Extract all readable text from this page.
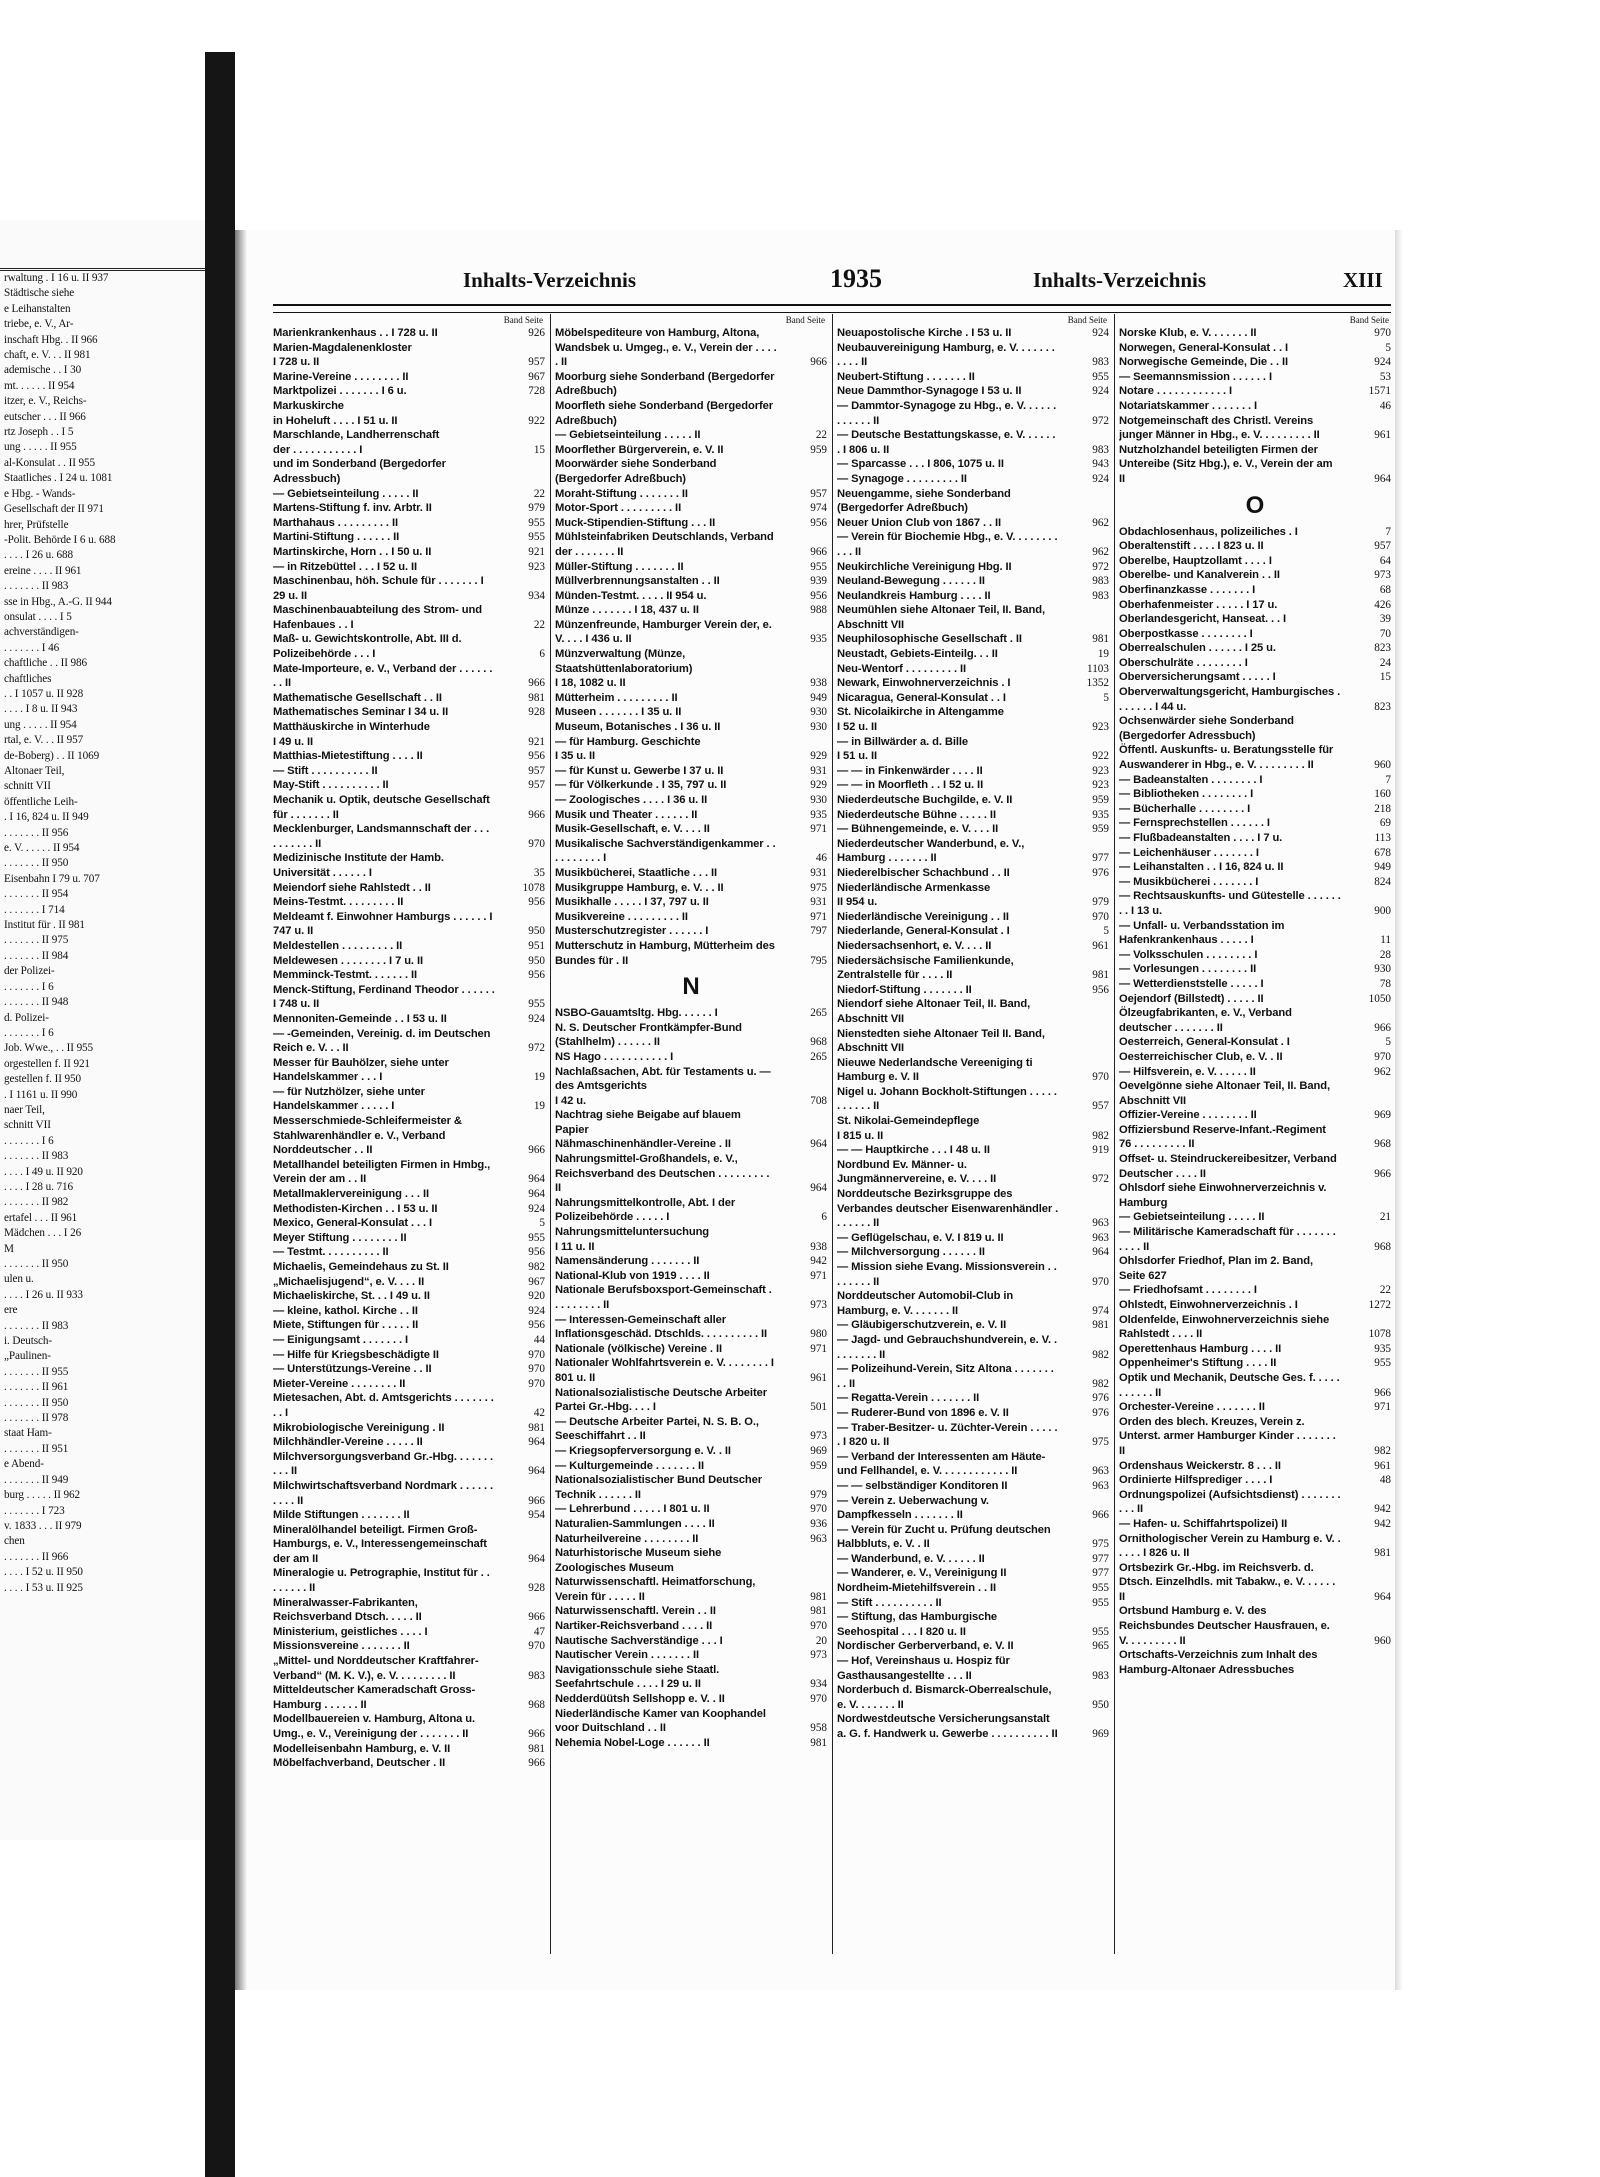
rwaltung . I 16 u. II 937
Städtische siehe
e Leihanstalten
triebe, e. V., Ar-
inschaft Hbg. . II 966
chaft, e. V. . . II 981
ademische . . I 30
mt. . . . . . II 954
itzer, e. V., Reichs-
eutscher . . . II 966
rtz Joseph . . I 5
ung . . . . . II 955
al-Konsulat . . II 955
Staatliches . I 24 u. 1081
e Hbg. - Wands-
Gesellschaft der II 971
hrer, Prüfstelle
-Polit. Behörde I 6 u. 688
. . . . I 26 u. 688
ereine . . . . II 961
. . . . . . . II 983
sse in Hbg., A.-G. II 944
onsulat . . . . I 5
achverständigen-
. . . . . . . I 46
chaftliche . . II 986
chaftliches
. . I 1057 u. II 928
. . . . I 8 u. II 943
ung . . . . . II 954
rtal, e. V. . . II 957
de-Boberg) . . II 1069
Altonaer Teil,
schnitt VII
öffentliche Leih-
. I 16, 824 u. II 949
. . . . . . . II 956
e. V. . . . . . II 954
. . . . . . . II 950
Eisenbahn I 79 u. 707
. . . . . . . II 954
. . . . . . . I 714
Institut für . II 981
. . . . . . . II 975
. . . . . . . II 984
der Polizei-
. . . . . . . I 6
. . . . . . . II 948
d. Polizei-
. . . . . . . I 6
Job. Wwe., . . II 955
orgestellen f. II 921
gestellen f. II 950
. I 1161 u. II 990
naer Teil,
schnitt VII
. . . . . . . I 6
. . . . . . . II 983
. . . . I 49 u. II 920
. . . . I 28 u. 716
. . . . . . . II 982
ertafel . . . II 961
Mädchen . . . I 26
M
. . . . . . . II 950
ulen u.
. . . . I 26 u. II 933
ere
. . . . . . . II 983
i. Deutsch-
„Paulinen-
. . . . . . . II 955
. . . . . . . II 961
. . . . . . . II 950
. . . . . . . II 978
staat Ham-
. . . . . . . II 951
e Abend-
. . . . . . . II 949
burg . . . . . II 962
. . . . . . . I 723
v. 1833 . . . II 979
chen
. . . . . . . II 966
. . . . I 52 u. II 950
. . . . I 53 u. II 925
Inhalts-Verzeichnis	1935	Inhalts-Verzeichnis	XIII
Band Seite
Marienkrankenhaus . . I 728 u. II	926
Marien-Magdalenenkloster
I 728 u. II	957
Marine-Vereine . . . . . . . . II	967
Marktpolizei . . . . . . . I 6 u.	728
Markuskirche
in Hoheluft . . . . I 51 u. II	922
Marschlande, Landherrenschaft
der . . . . . . . . . . . I	15
und im Sonderband (Bergedorfer Adressbuch)
— Gebietseinteilung . . . . . II	22
Martens-Stiftung f. inv. Arbtr. II	979
Marthahaus . . . . . . . . . II	955
Martini-Stiftung . . . . . . II	955
Martinskirche, Horn . . I 50 u. II	921
— in Ritzebüttel . . . I 52 u. II	923
Maschinenbau, höh. Schule für . . . . . . . I 29 u. II	934
Maschinenbauabteilung des Strom- und Hafenbaues . . I	22
Maß- u. Gewichtskontrolle, Abt. III d. Polizeibehörde . . . I	6
Mate-Importeure, e. V., Verband der . . . . . . . . II	966
Mathematische Gesellschaft . . II	981
Mathematisches Seminar I 34 u. II	928
Matthäuskirche in Winterhude
I 49 u. II	921
Matthias-Mietestiftung . . . . II	956
— Stift . . . . . . . . . . II	957
May-Stift . . . . . . . . . . II	957
Mechanik u. Optik, deutsche Gesellschaft für . . . . . . . II	966
Mecklenburger, Landsmannschaft der . . . . . . . . . . II	970
Medizinische Institute der Hamb. Universität . . . . . . I	35
Meiendorf siehe Rahlstedt . . II	1078
Meins-Testmt. . . . . . . . . II	956
Meldeamt f. Einwohner Hamburgs . . . . . . I 747 u. II	950
Meldestellen . . . . . . . . . II	951
Meldewesen . . . . . . . . I 7 u. II	950
Memminck-Testmt. . . . . . . II	956
Menck-Stiftung, Ferdinand Theodor . . . . . . I 748 u. II	955
Mennoniten-Gemeinde . . I 53 u. II	924
— -Gemeinden, Vereinig. d. im Deutschen Reich e. V. . . II	972
Messer für Bauhölzer, siehe unter Handelskammer . . . I	19
— für Nutzhölzer, siehe unter Handelskammer . . . . . I	19
Messerschmiede-Schleifermeister & Stahlwarenhändler e. V., Verband Norddeutscher . . II	966
Metallhandel beteiligten Firmen in Hmbg., Verein der am . . II	964
Metallmaklervereinigung . . . II	964
Methodisten-Kirchen . . I 53 u. II	924
Mexico, General-Konsulat . . . I	5
Meyer Stiftung . . . . . . . . II	955
— Testmt. . . . . . . . . . II	956
Michaelis, Gemeindehaus zu St. II	982
„Michaelisjugend“, e. V. . . . II	967
Michaeliskirche, St. . . I 49 u. II	920
— kleine, kathol. Kirche . . II	924
Miete, Stiftungen für . . . . . II	956
— Einigungsamt . . . . . . . I	44
— Hilfe für Kriegsbeschädigte II	970
— Unterstützungs-Vereine . . II	970
Mieter-Vereine . . . . . . . . II	970
Mietesachen, Abt. d. Amtsgerichts . . . . . . . . . I	42
Mikrobiologische Vereinigung . II	981
Milchhändler-Vereine . . . . . II	964
Milchversorgungsverband Gr.-Hbg. . . . . . . . . . II	964
Milchwirtschaftsverband Nordmark . . . . . . . . . . II	966
Milde Stiftungen . . . . . . . II	954
Mineralölhandel beteiligt. Firmen Groß-Hamburgs, e. V., Interessengemeinschaft der am II	964
Mineralogie u. Petrographie, Institut für . . . . . . . . II	928
Mineralwasser-Fabrikanten, Reichsverband Dtsch. . . . . II	966
Ministerium, geistliches . . . . I	47
Missionsvereine . . . . . . . II	970
„Mittel- und Norddeutscher Kraftfahrer-Verband“ (M. K. V.), e. V. . . . . . . . . II	983
Mitteldeutscher Kameradschaft Gross-Hamburg . . . . . . II	968
Modellbauereien v. Hamburg, Altona u. Umg., e. V., Vereinigung der . . . . . . . II	966
Modelleisenbahn Hamburg, e. V. II	981
Möbelfachverband, Deutscher . II	966
Band Seite
Möbelspediteure von Hamburg, Altona, Wandsbek u. Umgeg., e. V., Verein der . . . . . II	966
Moorburg siehe Sonderband (Bergedorfer Adreßbuch)
Moorfleth siehe Sonderband (Bergedorfer Adreßbuch)
— Gebietseinteilung . . . . . II	22
Moorflether Bürgerverein, e. V. II	959
Moorwärder siehe Sonderband (Bergedorfer Adreßbuch)
Moraht-Stiftung . . . . . . . II	957
Motor-Sport . . . . . . . . . II	974
Muck-Stipendien-Stiftung . . . II	956
Mühlsteinfabriken Deutschlands, Verband der . . . . . . . II	966
Müller-Stiftung . . . . . . . II	955
Müllverbrennungsanstalten . . II	939
Münden-Testmt. . . . . II 954 u.	956
Münze . . . . . . . I 18, 437 u. II	988
Münzenfreunde, Hamburger Verein der, e. V. . . . I 436 u. II	935
Münzverwaltung (Münze, Staatshüttenlaboratorium)
I 18, 1082 u. II	938
Mütterheim . . . . . . . . . II	949
Museen . . . . . . . I 35 u. II	930
Museum, Botanisches . I 36 u. II	930
— für Hamburg. Geschichte
I 35 u. II	929
— für Kunst u. Gewerbe I 37 u. II	931
— für Völkerkunde . I 35, 797 u. II	929
— Zoologisches . . . . I 36 u. II	930
Musik und Theater . . . . . . II	935
Musik-Gesellschaft, e. V. . . . II	971
Musikalische Sachverständigenkammer . . . . . . . . . . I	46
Musikbücherei, Staatliche . . . II	931
Musikgruppe Hamburg, e. V. . . II	975
Musikhalle . . . . . I 37, 797 u. II	931
Musikvereine . . . . . . . . . II	971
Musterschutzregister . . . . . . I	797
Mutterschutz in Hamburg, Mütterheim des Bundes für . II	795
N
NSBO-Gauamtsltg. Hbg. . . . . . I	265
N. S. Deutscher Frontkämpfer-Bund (Stahlhelm) . . . . . . II	968
NS Hago . . . . . . . . . . . I	265
Nachlaßsachen, Abt. für Testaments u. — des Amtsgerichts
I 42 u.	708
Nachtrag siehe Beigabe auf blauem Papier
Nähmaschinenhändler-Vereine . II	964
Nahrungsmittel-Großhandels, e. V., Reichsverband des Deutschen . . . . . . . . . II	964
Nahrungsmittelkontrolle, Abt. I der Polizeibehörde . . . . . I	6
Nahrungsmitteluntersuchung
I 11 u. II	938
Namensänderung . . . . . . . II	942
National-Klub von 1919 . . . . II	971
Nationale Berufsboxsport-Gemeinschaft . . . . . . . . . II	973
— Interessen-Gemeinschaft aller Inflationsgeschäd. Dtschlds. . . . . . . . . . II	980
Nationale (völkische) Vereine . II	971
Nationaler Wohlfahrtsverein e. V. . . . . . . . I 801 u. II	961
Nationalsozialistische Deutsche Arbeiter Partei Gr.-Hbg. . . . I	501
— Deutsche Arbeiter Partei, N. S. B. O., Seeschiffahrt . . II	973
— Kriegsopferversorgung e. V. . II	969
— Kulturgemeinde . . . . . . . II	959
Nationalsozialistischer Bund Deutscher Technik . . . . . . II	979
— Lehrerbund . . . . . I 801 u. II	970
Naturalien-Sammlungen . . . . II	936
Naturheilvereine . . . . . . . . II	963
Naturhistorische Museum siehe Zoologisches Museum
Naturwissenschaftl. Heimatforschung, Verein für . . . . . II	981
Naturwissenschaftl. Verein . . II	981
Nartiker-Reichsverband . . . . II	970
Nautische Sachverständige . . . I	20
Nautischer Verein . . . . . . . II	973
Navigationsschule siehe Staatl. Seefahrtschule . . . . I 29 u. II	934
Nedderdüütsh Sellshopp e. V. . II	970
Niederländische Kamer van Koophandel voor Duitschland . . II	958
Nehemia Nobel-Loge . . . . . . II	981
Band Seite
Neuapostolische Kirche . I 53 u. II	924
Neubauvereinigung Hamburg, e. V. . . . . . . . . . . II	983
Neubert-Stiftung . . . . . . . II	955
Neue Dammthor-Synagoge I 53 u. II	924
— Dammtor-Synagoge zu Hbg., e. V. . . . . . . . . . . . II	972
— Deutsche Bestattungskasse, e. V. . . . . . . I 806 u. II	983
— Sparcasse . . . I 806, 1075 u. II	943
— Synagoge . . . . . . . . . II	924
Neuengamme, siehe Sonderband (Bergedorfer Adreßbuch)
Neuer Union Club von 1867 . . II	962
— Verein für Biochemie Hbg., e. V. . . . . . . . . . . II	962
Neukirchliche Vereinigung Hbg. II	972
Neuland-Bewegung . . . . . . II	983
Neulandkreis Hamburg . . . . II	983
Neumühlen siehe Altonaer Teil, II. Band, Abschnitt VII
Neuphilosophische Gesellschaft . II	981
Neustadt, Gebiets-Einteilg. . . II	19
Neu-Wentorf . . . . . . . . . II	1103
Newark, Einwohnerverzeichnis . I	1352
Nicaragua, General-Konsulat . . I	5
St. Nicolaikirche in Altengamme
I 52 u. II	923
— in Billwärder a. d. Bille
I 51 u. II	922
— — in Finkenwärder . . . . II	923
— — in Moorfleth . . I 52 u. II	923
Niederdeutsche Buchgilde, e. V. II	959
Niederdeutsche Bühne . . . . . II	935
— Bühnengemeinde, e. V. . . . II	959
Niederdeutscher Wanderbund, e. V., Hamburg . . . . . . . II	977
Niederelbischer Schachbund . . II	976
Niederländische Armenkasse
II 954 u.	979
Niederländische Vereinigung . . II	970
Niederlande, General-Konsulat . I	5
Niedersachsenhort, e. V. . . . II	961
Niedersächsische Familienkunde, Zentralstelle für . . . . II	981
Niedorf-Stiftung . . . . . . . II	956
Niendorf siehe Altonaer Teil, II. Band, Abschnitt VII
Nienstedten siehe Altonaer Teil II. Band, Abschnitt VII
Nieuwe Nederlandsche Vereeniging ti Hamburg e. V. II	970
Nigel u. Johann Bockholt-Stiftungen . . . . . . . . . . . II	957
St. Nikolai-Gemeindepflege
I 815 u. II	982
— — Hauptkirche . . . I 48 u. II	919
Nordbund Ev. Männer- u. Jungmännervereine, e. V. . . . II	972
Norddeutsche Bezirksgruppe des Verbandes deutscher Eisenwarenhändler . . . . . . . II	963
— Geflügelschau, e. V. I 819 u. II	963
— Milchversorgung . . . . . . II	964
— Mission siehe Evang. Missionsverein . . . . . . . . II	970
Norddeutscher Automobil-Club in Hamburg, e. V. . . . . . . II	974
— Gläubigerschutzverein, e. V. II	981
— Jagd- und Gebrauchshundverein, e. V. . . . . . . . . II	982
— Polizeihund-Verein, Sitz Altona . . . . . . . . . II	982
— Regatta-Verein . . . . . . . II	976
— Ruderer-Bund von 1896 e. V. II	976
— Traber-Besitzer- u. Züchter-Verein . . . . . . I 820 u. II	975
— Verband der Interessenten am Häute- und Fellhandel, e. V. . . . . . . . . . . . II	963
— — selbständiger Konditoren II	963
— Verein z. Ueberwachung v. Dampfkesseln . . . . . . . II	966
— Verein für Zucht u. Prüfung deutschen Halbbluts, e. V. . II	975
— Wanderbund, e. V. . . . . . II	977
— Wanderer, e. V., Vereinigung II	977
Nordheim-Mietehilfsverein . . II	955
— Stift . . . . . . . . . . II	955
— Stiftung, das Hamburgische Seehospital . . . I 820 u. II	955
Nordischer Gerberverband, e. V. II	965
— Hof, Vereinshaus u. Hospiz für Gasthausangestellte . . . II	983
Norderbuch d. Bismarck-Oberrealschule, e. V. . . . . . . II	950
Nordwestdeutsche Versicherungsanstalt a. G. f. Handwerk u. Gewerbe . . . . . . . . . . II	969
Band Seite
Norske Klub, e. V. . . . . . . II	970
Norwegen, General-Konsulat . . I	5
Norwegische Gemeinde, Die . . II	924
— Seemannsmission . . . . . . I	53
Notare . . . . . . . . . . . . I	1571
Notariatskammer . . . . . . . I	46
Notgemeinschaft des Christl. Vereins junger Männer in Hbg., e. V. . . . . . . . . II	961
Nutzholzhandel beteiligten Firmen der Untereibe (Sitz Hbg.), e. V., Verein der am II	964
O
Obdachlosenhaus, polizeiliches . I	7
Oberaltenstift . . . . I 823 u. II	957
Oberelbe, Hauptzollamt . . . . I	64
Oberelbe- und Kanalverein . . II	973
Oberfinanzkasse . . . . . . . I	68
Oberhafenmeister . . . . . I 17 u.	426
Oberlandesgericht, Hanseat. . . I	39
Oberpostkasse . . . . . . . . I	70
Oberrealschulen . . . . . . I 25 u.	823
Oberschulräte . . . . . . . . I	24
Oberversicherungsamt . . . . . I	15
Oberverwaltungsgericht, Hamburgisches . . . . . . . I 44 u.	823
Ochsenwärder siehe Sonderband (Bergedorfer Adressbuch)
Öffentl. Auskunfts- u. Beratungsstelle für Auswanderer in Hbg., e. V. . . . . . . . . II	960
— Badeanstalten . . . . . . . . I	7
— Bibliotheken . . . . . . . . I	160
— Bücherhalle . . . . . . . . I	218
— Fernsprechstellen . . . . . . I	69
— Flußbadeanstalten . . . . I 7 u.	113
— Leichenhäuser . . . . . . . I	678
— Leihanstalten . . I 16, 824 u. II	949
— Musikbücherei . . . . . . . I	824
— Rechtsauskunfts- und Gütestelle . . . . . . . . I 13 u.	900
— Unfall- u. Verbandsstation im Hafenkrankenhaus . . . . . I	11
— Volksschulen . . . . . . . . I	28
— Vorlesungen . . . . . . . . II	930
— Wetterdienststelle . . . . . I	78
Oejendorf (Billstedt) . . . . . II	1050
Ölzeugfabrikanten, e. V., Verband deutscher . . . . . . . II	966
Oesterreich, General-Konsulat . I	5
Oesterreichischer Club, e. V. . II	970
— Hilfsverein, e. V. . . . . . II	962
Oevelgönne siehe Altonaer Teil, II. Band, Abschnitt VII
Offizier-Vereine . . . . . . . . II	969
Offiziersbund Reserve-Infant.-Regiment 76 . . . . . . . . . II	968
Offset- u. Steindruckereibesitzer, Verband Deutscher . . . . II	966
Ohlsdorf siehe Einwohnerverzeichnis v. Hamburg
— Gebietseinteilung . . . . . II	21
— Militärische Kameradschaft für . . . . . . . . . . . II	968
Ohlsdorfer Friedhof, Plan im 2. Band, Seite 627
— Friedhofsamt . . . . . . . . I	22
Ohlstedt, Einwohnerverzeichnis . I	1272
Oldenfelde, Einwohnerverzeichnis siehe Rahlstedt . . . . II	1078
Operettenhaus Hamburg . . . . II	935
Oppenheimer's Stiftung . . . . II	955
Optik und Mechanik, Deutsche Ges. f. . . . . . . . . . . II	966
Orchester-Vereine . . . . . . . II	971
Orden des blech. Kreuzes, Verein z. Unterst. armer Hamburger Kinder . . . . . . . II	982
Ordenshaus Weickerstr. 8 . . . II	961
Ordinierte Hilfsprediger . . . . I	48
Ordnungspolizei (Aufsichtsdienst) . . . . . . . . . . II	942
— Hafen- u. Schiffahrtspolizei) II	942
Ornithologischer Verein zu Hamburg e. V. . . . . . I 826 u. II	981
Ortsbezirk Gr.-Hbg. im Reichsverb. d. Dtsch. Einzelhdls. mit Tabakw., e. V. . . . . . II	964
Ortsbund Hamburg e. V. des Reichsbundes Deutscher Hausfrauen, e. V. . . . . . . . . II	960
Ortschafts-Verzeichnis zum Inhalt des Hamburg-Altonaer Adressbuches
